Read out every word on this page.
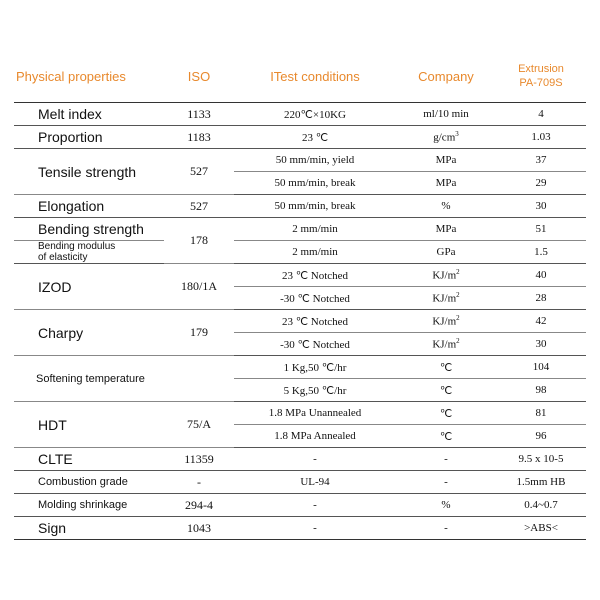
Physical properties	ISO	ITest conditions	Company	Extrusion
PA-709S
Melt index	1133	220℃×10KG	ml/10 min	4
Proportion	1183	23 ℃	$g/cm^3$	1.03
Tensile strength	527	50 mm/min, yield	MPa	37
		50 mm/min, break	MPa	29
Elongation	527	50 mm/min, break	%	30
Bending strength	178	2 mm/min	MPa	51
Bending modulus
of elasticity		2 mm/min	GPa	1.5
IZOD	180/1A	23 ℃ Notched	$KJ/m^2$	40
		-30 ℃ Notched	$KJ/m^2$	28
Charpy	179	23 ℃ Notched	$KJ/m^2$	42
		-30 ℃ Notched	$KJ/m^2$	30
Softening temperature		1 Kg,50 ℃/hr	℃	104
		5 Kg,50 ℃/hr	℃	98
HDT	75/A	1.8 MPa Unannealed	℃	81
		1.8 MPa Annealed	℃	96
CLTE	11359	-	-	9.5 x 10-5
Combustion grade	-	UL-94	-	1.5mm HB
Molding shrinkage	294-4	-	%	0.4~0.7
Sign	1043	-	-	>ABS<
